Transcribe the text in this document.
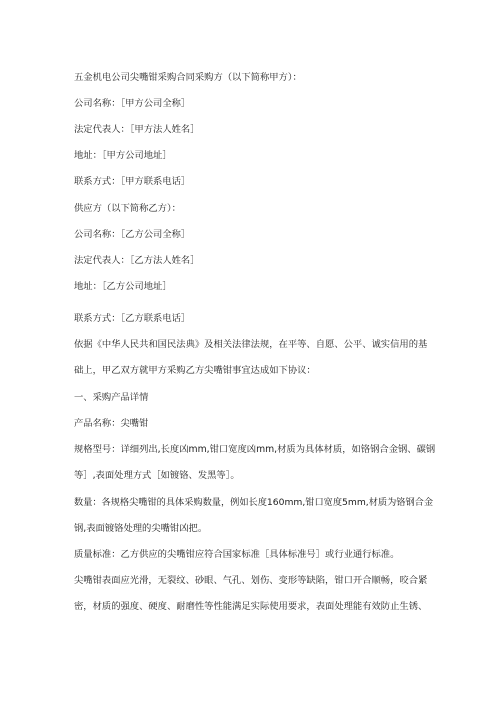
五金机电公司尖嘴钳采购合同采购方（以下简称甲方）：
公司名称：［甲方公司全称］
法定代表人：［甲方法人姓名］
地址：［甲方公司地址］
联系方式：［甲方联系电话］
供应方（以下简称乙方）：
公司名称：［乙方公司全称］
法定代表人：［乙方法人姓名］
地址：［乙方公司地址］
联系方式：［乙方联系电话］
依据《中华人民共和国民法典》及相关法律法规，在平等、自愿、公平、诚实信用的基
础上，甲乙双方就甲方采购乙方尖嘴钳事宜达成如下协议：
一、采购产品详情
产品名称：尖嘴钳
规格型号：详细列出,长度凶mm,钳口宽度凶mm,材质为具体材质，如铬钢合金钢、碳钢
等］,表面处理方式［如镀铬、发黑等］。
数量：各规格尖嘴钳的具体采购数量，例如长度160mm,钳口宽度5mm,材质为铬钢合金
钢,表面镀铬处理的尖嘴钳凶把。
质量标准：乙方供应的尖嘴钳应符合国家标准［具体标准号］或行业通行标准。
尖嘴钳表面应光滑，无裂纹、砂眼、气孔、划伤、变形等缺陷，钳口开合顺畅，咬合紧
密，材质的强度、硬度、耐磨性等性能满足实际使用要求，表面处理能有效防止生锈、
